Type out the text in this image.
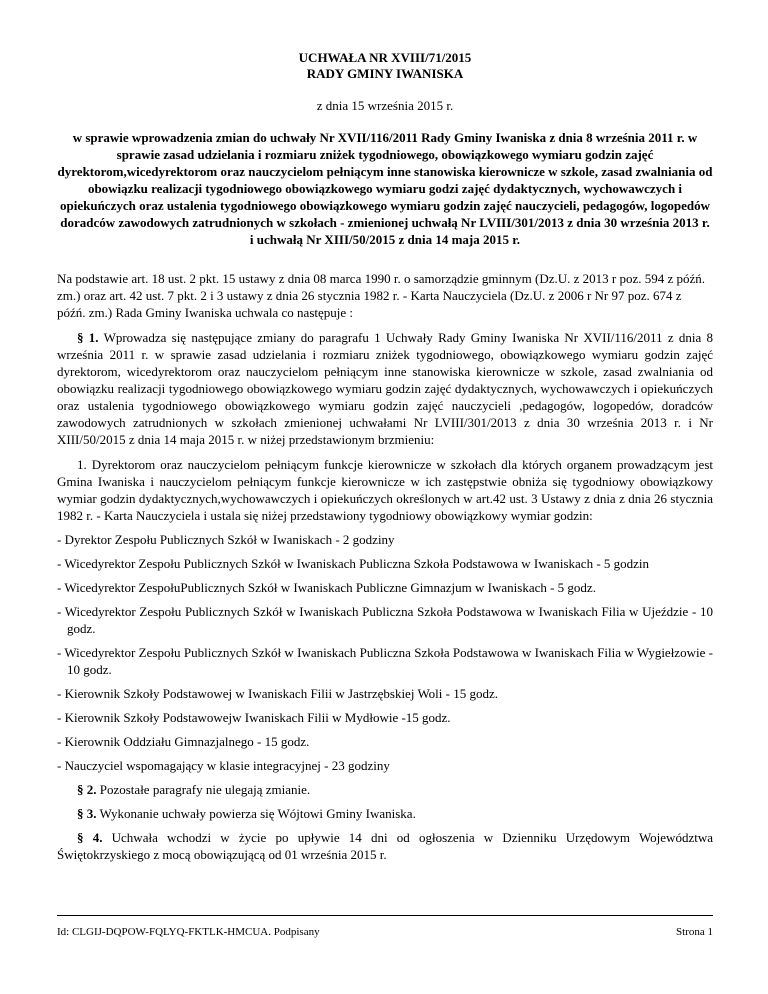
UCHWAŁA NR XVIII/71/2015
RADY GMINY IWANISKA
z dnia 15 września 2015 r.
w sprawie wprowadzenia zmian do uchwały Nr XVII/116/2011 Rady Gminy Iwaniska z dnia 8 września 2011 r. w sprawie zasad udzielania i rozmiaru zniżek tygodniowego, obowiązkowego wymiaru godzin zajęć dyrektorom,wicedyrektorom oraz nauczycielom pełniącym inne stanowiska kierownicze w szkole, zasad zwalniania od obowiązku realizacji tygodniowego obowiązkowego wymiaru godzi zajęć dydaktycznych, wychowawczych i opiekuńczych oraz ustalenia tygodniowego obowiązkowego wymiaru godzin zajęć nauczycieli, pedagogów, logopedów doradców zawodowych zatrudnionych w szkołach - zmienionej uchwałą Nr LVIII/301/2013 z dnia 30 września 2013 r. i uchwałą Nr XIII/50/2015 z dnia 14 maja 2015 r.
Na podstawie art. 18 ust. 2 pkt. 15 ustawy z dnia 08 marca 1990 r. o samorządzie gminnym (Dz.U. z 2013 r poz. 594 z późń. zm.) oraz art. 42 ust. 7 pkt. 2 i 3 ustawy z dnia 26 stycznia 1982 r. - Karta Nauczyciela (Dz.U. z 2006 r Nr 97 poz. 674 z późń. zm.) Rada Gminy Iwaniska uchwala co następuje :
§ 1. Wprowadza się następujące zmiany do paragrafu 1 Uchwały Rady Gminy Iwaniska Nr XVII/116/2011 z dnia 8 września 2011 r. w sprawie zasad udzielania i rozmiaru zniżek tygodniowego, obowiązkowego wymiaru godzin zajęć dyrektorom, wicedyrektorom oraz nauczycielom pełniącym inne stanowiska kierownicze w szkole, zasad zwalniania od obowiązku realizacji tygodniowego obowiązkowego wymiaru godzin zajęć dydaktycznych, wychowawczych i opiekuńczych oraz ustalenia tygodniowego obowiązkowego wymiaru godzin zajęć nauczycieli ,pedagogów, logopedów, doradców zawodowych zatrudnionych w szkołach zmienionej uchwałami Nr LVIII/301/2013 z dnia 30 września 2013 r. i Nr XIII/50/2015 z dnia 14 maja 2015 r. w niżej przedstawionym brzmieniu:
1. Dyrektorom oraz nauczycielom pełniącym funkcje kierownicze w szkołach dla których organem prowadzącym jest Gmina Iwaniska i nauczycielom pełniącym funkcje kierownicze w ich zastępstwie obniża się tygodniowy obowiązkowy wymiar godzin dydaktycznych,wychowawczych i opiekuńczych określonych w art.42 ust. 3 Ustawy z dnia z dnia 26 stycznia 1982 r. - Karta Nauczyciela i ustala się niżej przedstawiony tygodniowy obowiązkowy wymiar godzin:
- Dyrektor Zespołu Publicznych Szkół w Iwaniskach - 2 godziny
- Wicedyrektor Zespołu Publicznych Szkół w Iwaniskach Publiczna Szkoła Podstawowa w Iwaniskach - 5 godzin
- Wicedyrektor ZespołuPublicznych Szkół w Iwaniskach Publiczne Gimnazjum w Iwaniskach - 5 godz.
- Wicedyrektor Zespołu Publicznych Szkół w Iwaniskach Publiczna Szkoła Podstawowa w Iwaniskach Filia w Ujeździe - 10 godz.
- Wicedyrektor Zespołu Publicznych Szkół w Iwaniskach Publiczna Szkoła Podstawowa w Iwaniskach Filia w Wygiełzowie - 10 godz.
- Kierownik Szkoły Podstawowej w Iwaniskach Filii w Jastrzębskiej Woli - 15 godz.
- Kierownik Szkoły Podstawowejw Iwaniskach Filii w Mydłowie -15 godz.
- Kierownik Oddziału Gimnazjalnego - 15 godz.
- Nauczyciel wspomagający w klasie integracyjnej - 23 godziny
§ 2. Pozostałe paragrafy nie ulegają zmianie.
§ 3. Wykonanie uchwały powierza się Wójtowi Gminy Iwaniska.
§ 4. Uchwała wchodzi w życie po upływie 14 dni od ogłoszenia w Dzienniku Urzędowym Województwa Świętokrzyskiego z mocą obowiązującą od 01 września 2015 r.
Id: CLGIJ-DQPOW-FQLYQ-FKTLK-HMCUA. Podpisany	Strona 1
